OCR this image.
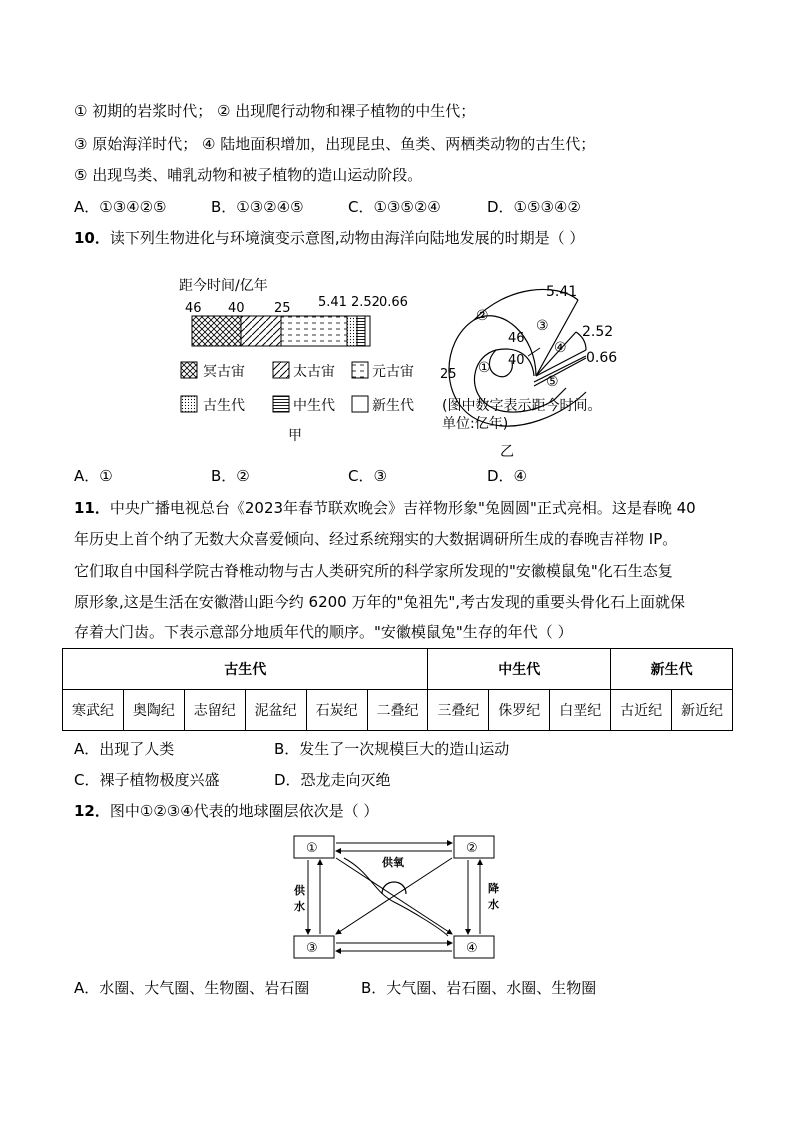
① 初期的岩浆时代； ② 出现爬行动物和裸子植物的中生代；
③ 原始海洋时代； ④ 陆地面积增加，出现昆虫、鱼类、两栖类动物的古生代；
⑤ 出现鸟类、哺乳动物和被子植物的造山运动阶段。
A．①③④②⑤	B．①③②④⑤	C．①③⑤②④	D．①⑤③④②
10．读下列生物进化与环境演变示意图,动物由海洋向陆地发展的时期是（ ）
距今时间/亿年
46 40 25 5.41 2.52 0.66
冥古宙	太古宙	元古宙
古生代	中生代	新生代
甲
5.41
2.52
0.66
46
40
25 ①
②
③
④
⑤
(图中数字表示距今时间。
单位:亿年)
乙
A．①	B．②	C．③	D．④
11．中央广播电视总台《2023年春节联欢晚会》吉祥物形象"兔圆圆"正式亮相。这是春晚 40
年历史上首个纳了无数大众喜爱倾向、经过系统翔实的大数据调研所生成的春晚吉祥物 IP。
它们取自中国科学院古脊椎动物与古人类研究所的科学家所发现的"安徽模鼠兔"化石生态复
原形象,这是生活在安徽潜山距今约 6200 万年的"兔祖先",考古发现的重要头骨化石上面就保
存着大门齿。下表示意部分地质年代的顺序。"安徽模鼠兔"生存的年代（ ）
古生代						中生代			新生代	
寒武纪	奥陶纪	志留纪	泥盆纪	石炭纪	二叠纪	三叠纪	侏罗纪	白垩纪	古近纪	新近纪
A．出现了人类	B．发生了一次规模巨大的造山运动
C．裸子植物极度兴盛	D．恐龙走向灭绝
12．图中①②③④代表的地球圈层依次是（ ）
①	②
③	④
供氧
供
水
降
水
A．水圈、大气圈、生物圈、岩石圈	B．大气圈、岩石圈、水圈、生物圈
